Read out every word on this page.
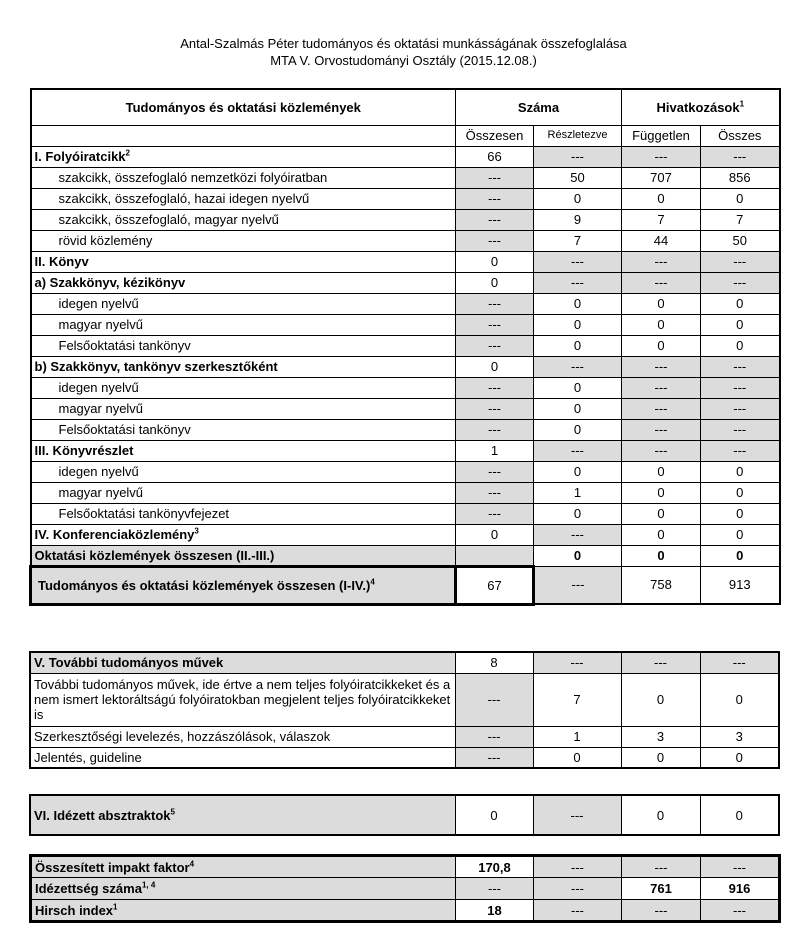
Antal-Szalmás Péter tudományos és oktatási munkásságának összefoglalása
MTA V. Orvostudományi Osztály (2015.12.08.)
Tudományos és oktatási közlemények	Száma		Hivatkozások$^1$
	Összesen	Részletezve	Független	Összes
I. Folyóiratcikk$^2$	66	---	---	---
szakcikk, összefoglaló nemzetközi folyóiratban	---	50	707	856
szakcikk, összefoglaló, hazai idegen nyelvű	---	0	0	0
szakcikk, összefoglaló, magyar nyelvű	---	9	7	7
rövid közlemény	---	7	44	50
II. Könyv	0	---	---	---
a) Szakkönyv, kézikönyv	0	---	---	---
idegen nyelvű	---	0	0	0
magyar nyelvű	---	0	0	0
Felsőoktatási tankönyv	---	0	0	0
b) Szakkönyv, tankönyv szerkesztőként	0	---	---	---
idegen nyelvű	---	0	---	---
magyar nyelvű	---	0	---	---
Felsőoktatási tankönyv	---	0	---	---
III. Könyvrészlet	1	---	---	---
idegen nyelvű	---	0	0	0
magyar nyelvű	---	1	0	0
Felsőoktatási tankönyvfejezet	---	0	0	0
IV. Konferenciaközlemény$^3$	0	---	0	0
Oktatási közlemények összesen (II.-III.)		0	0	0
Tudományos és oktatási közlemények összesen $(I-IV.)^4$	67	---	758	913
V. További tudományos művek	8	---	---	---
További tudományos művek, ide értve a nem teljes folyóiratcikkeket és a nem ismert lektoráltságú folyóiratokban megjelent teljes folyóiratcikkeket is	---	7	0	0
Szerkesztőségi levelezés, hozzászólások, válaszok	---	1	3	3
Jelentés, guideline	---	0	0	0
VI. Idézett absztraktok$^5$	0	---	0	0
Összesített impakt faktor$^4$	170,8	---	---	---
Idézettség száma$^{1, 4}$	---	---	761	916
Hirsch index$^1$	18	---	---	---
